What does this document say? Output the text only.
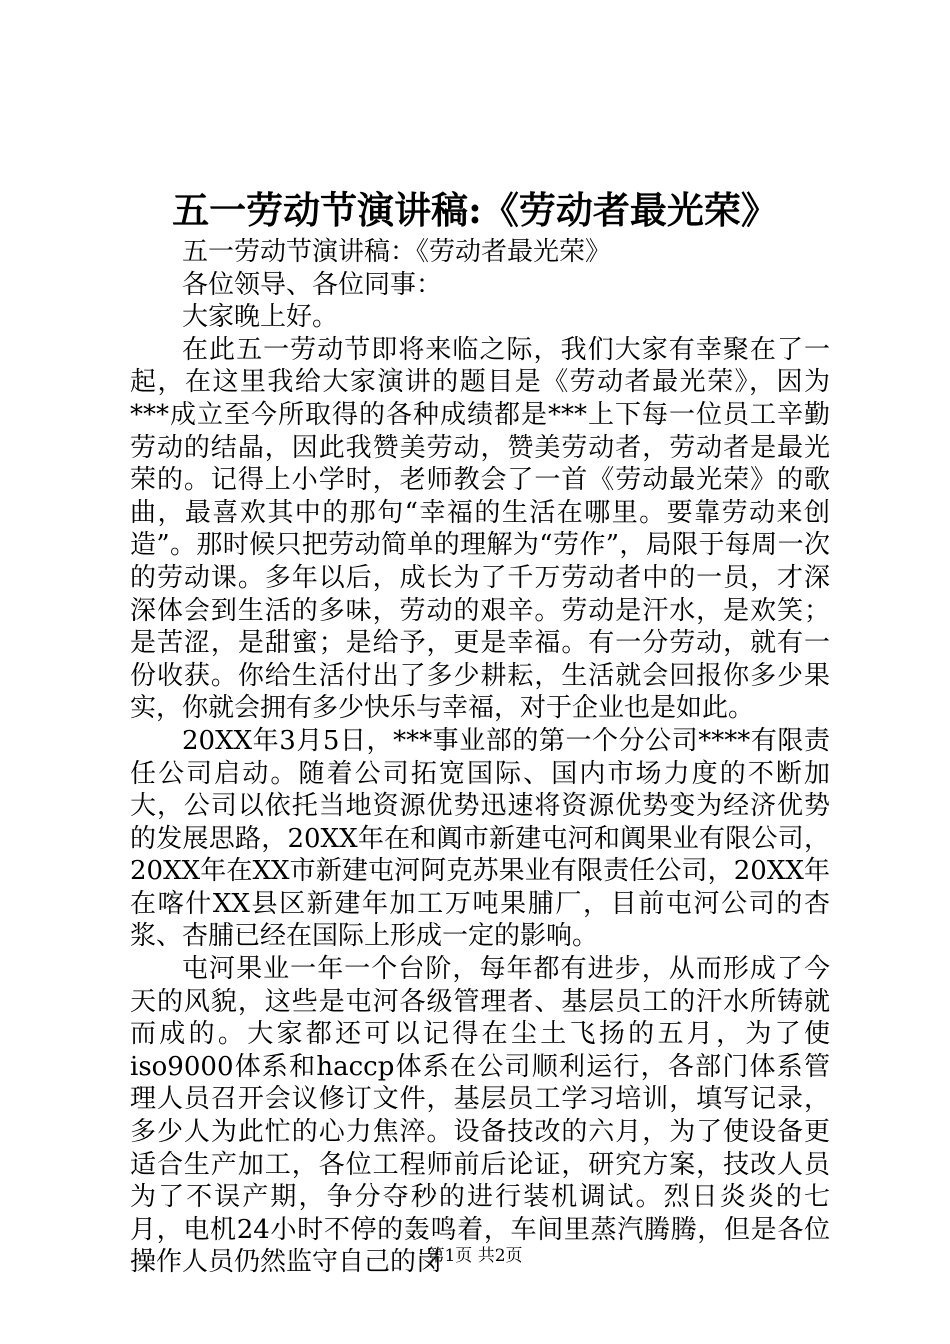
五一劳动节演讲稿:《劳动者最光荣》

五一劳动节演讲稿：《劳动者最光荣》

各位领导、各位同事：

大家晚上好。

在此五一劳动节即将来临之际，我们大家有幸聚在了一起，在这里我给大家演讲的题目是《劳动者最光荣》，因为***成立至今所取得的各种成绩都是***上下每一位员工辛勤劳动的结晶，因此我赞美劳动，赞美劳动者，劳动者是最光荣的。记得上小学时，老师教会了一首《劳动最光荣》的歌曲，最喜欢其中的那句“幸福的生活在哪里。要靠劳动来创造”。那时候只把劳动简单的理解为“劳作”，局限于每周一次的劳动课。多年以后，成长为了千万劳动者中的一员，才深深体会到生活的多味，劳动的艰辛。劳动是汗水，是欢笑；是苦涩，是甜蜜；是给予，更是幸福。有一分劳动，就有一份收获。你给生活付出了多少耕耘，生活就会回报你多少果实，你就会拥有多少快乐与幸福，对于企业也是如此。

20XX年3月5日，***事业部的第一个分公司****有限责任公司启动。随着公司拓宽国际、国内市场力度的不断加大，公司以依托当地资源优势迅速将资源优势变为经济优势的发展思路，20XX年在和阗市新建屯河和阗果业有限公司，20XX年在XX市新建屯河阿克苏果业有限责任公司，20XX年在喀什XX县区新建年加工万吨果脯厂，目前屯河公司的杏浆、杏脯已经在国际上形成一定的影响。

屯河果业一年一个台阶，每年都有进步，从而形成了今天的风貌，这些是屯河各级管理者、基层员工的汗水所铸就而成的。大家都还可以记得在尘土飞扬的五月，为了使iso9000体系和haccp体系在公司顺利运行，各部门体系管理人员召开会议修订文件，基层员工学习培训，填写记录，多少人为此忙的心力焦淬。设备技改的六月，为了使设备更适合生产加工，各位工程师前后论证，研究方案，技改人员为了不误产期，争分夺秒的进行装机调试。烈日炎炎的七月，电机24小时不停的轰鸣着，车间里蒸汽腾腾，但是各位操作人员仍然监守自己的岗

第1页 共2页
